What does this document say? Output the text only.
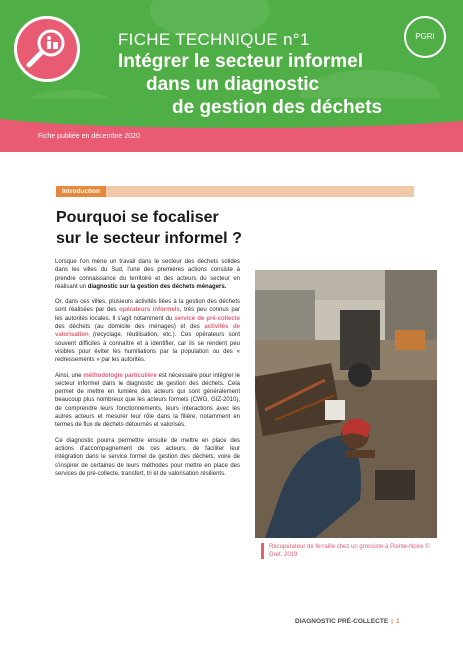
FICHE TECHNIQUE n°1
Intégrer le secteur informel
dans un diagnostic
de gestion des déchets
PGRI
Fiche publiée en décembre 2020
Introduction
Pourquoi se focaliser
sur le secteur informel ?

Lorsque l'on mène un travail dans le secteur des déchets solides dans les villes du Sud, l'une des premières actions consiste à prendre connaissance du territoire et des acteurs du secteur en réalisant un diagnostic sur la gestion des déchets ménagers.

Or, dans ces villes, plusieurs activités liées à la gestion des déchets sont réalisées par des opérateurs informels, très peu connus par les autorités locales. Il s'agit notamment du service de pré-collecte des déchets (au domicile des ménages) et des activités de valorisation (recyclage, réutilisation, etc.). Ces opérateurs sont souvent difficiles à connaître et à identifier, car ils se rendent peu visibles pour éviter les humiliations par la population ou des « redressements » par les autorités.

Ainsi, une méthodologie particulière est nécessaire pour intégrer le secteur informel dans le diagnostic de gestion des déchets. Cela permet de mettre en lumière des acteurs qui sont généralement beaucoup plus nombreux que les acteurs formels (CWG, GIZ-2010), de comprendre leurs fonctionnements, leurs interactions avec les autres acteurs et mesurer leur rôle dans la filière, notamment en termes de flux de déchets détournés et valorisés.

Ce diagnostic pourra permettre ensuite de mettre en place des actions d'accompagnement de ces acteurs, de faciliter leur intégration dans le service formel de gestion des déchets, voire de s'inspirer de certaines de leurs méthodes pour mettre en place des services de pré-collecte, transfert, tri et de valorisation résilients.

Récupérateur de ferraille chez un grossiste à Pointe-Noire © Gret, 2019
DIAGNOSTIC PRÉ-COLLECTE | 1
